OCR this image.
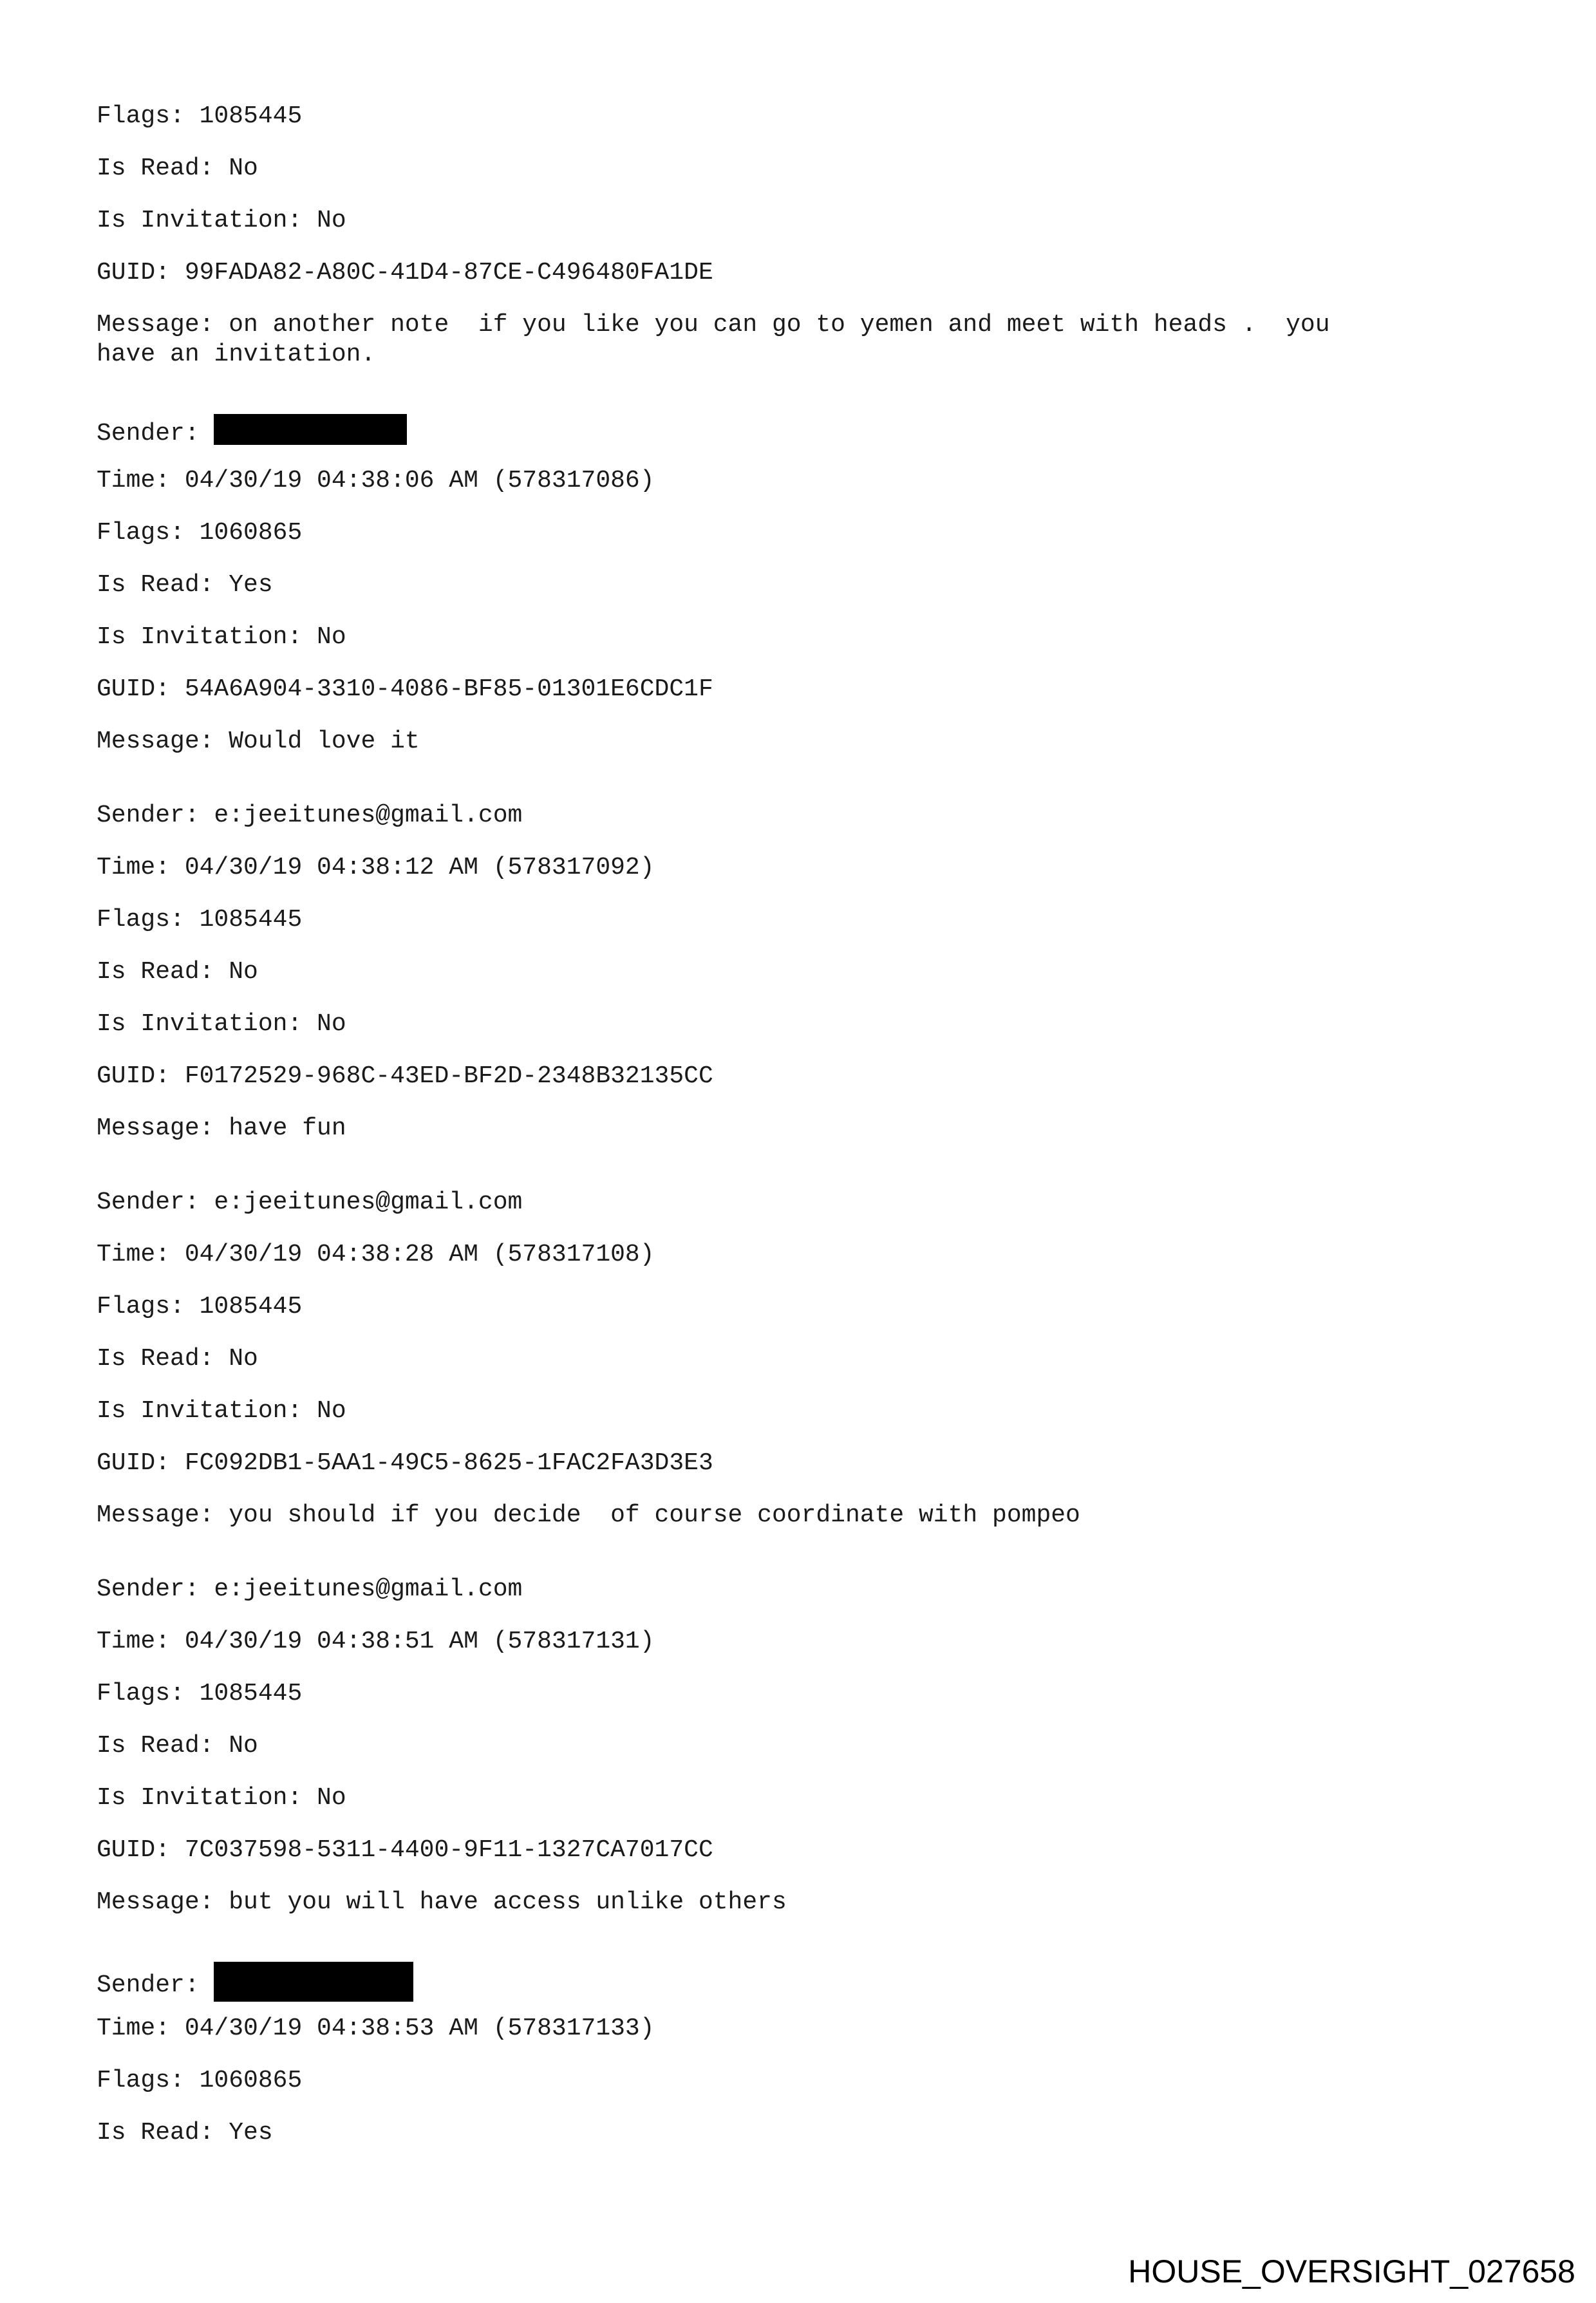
Flags: 1085445
Is Read: No
Is Invitation: No
GUID: 99FADA82-A80C-41D4-87CE-C496480FA1DE
Message: on another note  if you like you can go to yemen and meet with heads .  you
have an invitation.
Sender:
Time: 04/30/19 04:38:06 AM (578317086)
Flags: 1060865
Is Read: Yes
Is Invitation: No
GUID: 54A6A904-3310-4086-BF85-01301E6CDC1F
Message: Would love it
Sender: e:jeeitunes@gmail.com
Time: 04/30/19 04:38:12 AM (578317092)
Flags: 1085445
Is Read: No
Is Invitation: No
GUID: F0172529-968C-43ED-BF2D-2348B32135CC
Message: have fun
Sender: e:jeeitunes@gmail.com
Time: 04/30/19 04:38:28 AM (578317108)
Flags: 1085445
Is Read: No
Is Invitation: No
GUID: FC092DB1-5AA1-49C5-8625-1FAC2FA3D3E3
Message: you should if you decide  of course coordinate with pompeo
Sender: e:jeeitunes@gmail.com
Time: 04/30/19 04:38:51 AM (578317131)
Flags: 1085445
Is Read: No
Is Invitation: No
GUID: 7C037598-5311-4400-9F11-1327CA7017CC
Message: but you will have access unlike others
Sender:
Time: 04/30/19 04:38:53 AM (578317133)
Flags: 1060865
Is Read: Yes
HOUSE_OVERSIGHT_027658
